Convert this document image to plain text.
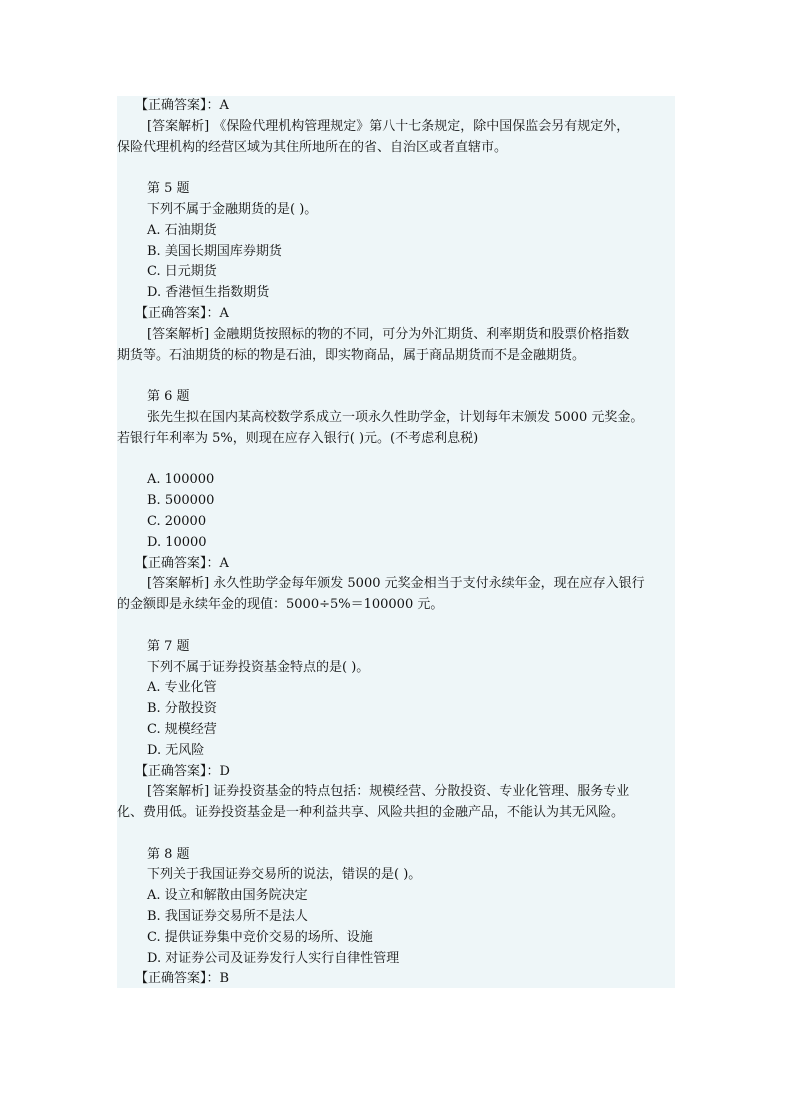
【正确答案】：A
[答案解析] 《保险代理机构管理规定》第八十七条规定，除中国保监会另有规定外，
保险代理机构的经营区域为其住所地所在的省、自治区或者直辖市。
第 5 题
下列不属于金融期货的是( )。
A. 石油期货
B. 美国长期国库券期货
C. 日元期货
D. 香港恒生指数期货
【正确答案】：A
[答案解析] 金融期货按照标的物的不同，可分为外汇期货、利率期货和股票价格指数
期货等。石油期货的标的物是石油，即实物商品，属于商品期货而不是金融期货。
第 6 题
张先生拟在国内某高校数学系成立一项永久性助学金，计划每年末颁发 5000 元奖金。
若银行年利率为 5%，则现在应存入银行( )元。(不考虑利息税)
A. 100000
B. 500000
C. 20000
D. 10000
【正确答案】：A
[答案解析] 永久性助学金每年颁发 5000 元奖金相当于支付永续年金，现在应存入银行
的金额即是永续年金的现值：5000÷5%＝100000 元。
第 7 题
下列不属于证券投资基金特点的是( )。
A. 专业化管
B. 分散投资
C. 规模经营
D. 无风险
【正确答案】：D
[答案解析] 证券投资基金的特点包括：规模经营、分散投资、专业化管理、服务专业
化、费用低。证券投资基金是一种利益共享、风险共担的金融产品，不能认为其无风险。
第 8 题
下列关于我国证券交易所的说法，错误的是( )。
A. 设立和解散由国务院决定
B. 我国证券交易所不是法人
C. 提供证券集中竞价交易的场所、设施
D. 对证券公司及证券发行人实行自律性管理
【正确答案】：B
